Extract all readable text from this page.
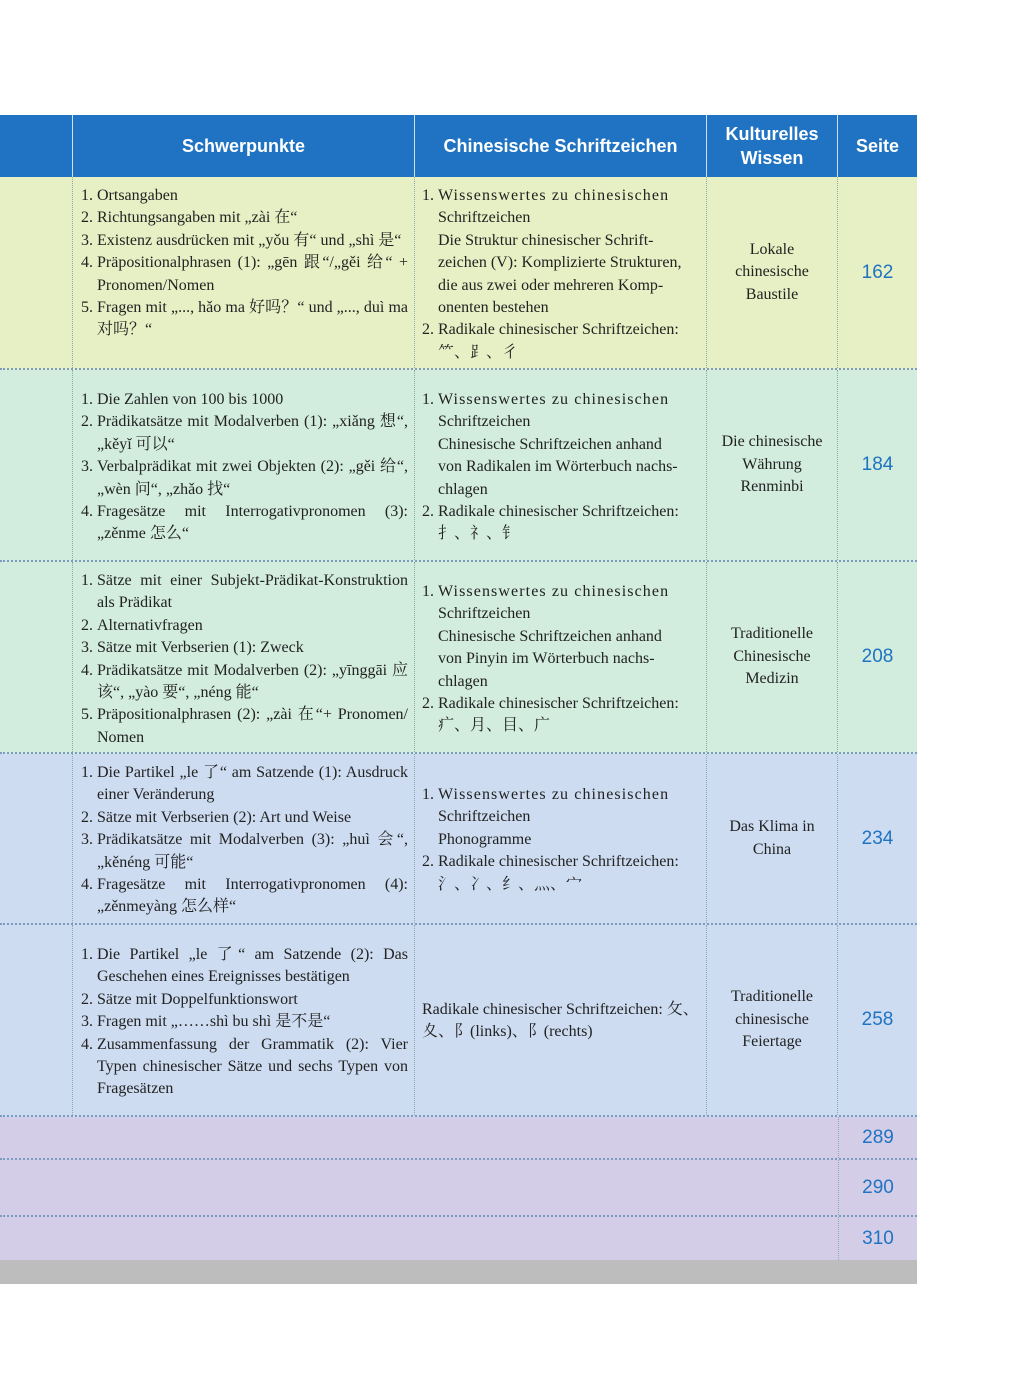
Schwerpunkte	Chinesische Schriftzeichen
Kulturelles Wissen
Seite
1. Ortsangaben
2. Richtungsangaben mit „zài 在“
3. Existenz ausdrücken mit „yǒu 有“ und „shì 是“
4. Präpositionalphrasen (1): „gēn 跟“/„gěi 给“ + Pronomen/Nomen
5. Fragen mit „..., hǎo ma 好吗？“ und „..., duì ma 对吗？“
1. Wissenswertes zu chinesischen
Schriftzeichen
Die Struktur chinesischer Schrift-
zeichen (V): Komplizierte Strukturen,
die aus zwei oder mehreren Komp-
onenten bestehen
2. Radikale chinesischer Schriftzeichen:
⺮、⻊、彳
Lokale chinesische Baustile
162
1. Die Zahlen von 100 bis 1000
2. Prädikatsätze mit Modalverben (1): „xiǎng 想“, „kěyǐ 可以“
3. Verbalprädikat mit zwei Objekten (2): „gěi 给“, „wèn 问“, „zhǎo 找“
4. Fragesätze mit Interrogativpronomen (3): „zěnme 怎么“
1. Wissenswertes zu chinesischen
Schriftzeichen
Chinesische Schriftzeichen anhand
von Radikalen im Wörterbuch nachs-
chlagen
2. Radikale chinesischer Schriftzeichen:
扌、礻、钅
Die chinesische Währung Renminbi
184
1. Sätze mit einer Subjekt-Prädikat-Konstruktion als Prädikat
2. Alternativfragen
3. Sätze mit Verbserien (1): Zweck
4. Prädikatsätze mit Modalverben (2): „yīnggāi 应该“, „yào 要“, „néng 能“
5. Präpositionalphrasen (2): „zài 在“+ Pronomen/ Nomen
1. Wissenswertes zu chinesischen
Schriftzeichen
Chinesische Schriftzeichen anhand
von Pinyin im Wörterbuch nachs-
chlagen
2. Radikale chinesischer Schriftzeichen:
疒、月、目、广
Traditionelle Chinesische Medizin
208
1. Die Partikel „le 了“ am Satzende (1): Ausdruck einer Veränderung
2. Sätze mit Verbserien (2): Art und Weise
3. Prädikatsätze mit Modalverben (3): „huì 会“, „kěnéng 可能“
4. Fragesätze mit Interrogativpronomen (4): „zěnmeyàng 怎么样“
1. Wissenswertes zu chinesischen
Schriftzeichen
Phonogramme
2. Radikale chinesischer Schriftzeichen:
氵、冫、纟、灬、宀
Das Klima in China
234
1. Die Partikel „le 了“ am Satzende (2): Das Geschehen eines Ereignisses bestätigen
2. Sätze mit Doppelfunktionswort
3. Fragen mit „……shì bu shì 是不是“
4. Zusammenfassung der Grammatik (2): Vier Typen chinesischer Sätze und sechs Typen von Fragesätzen
Radikale chinesischer Schriftzeichen: 攵、夊、阝(links)、阝(rechts)
Traditionelle chinesische Feiertage
258
289
290
310
